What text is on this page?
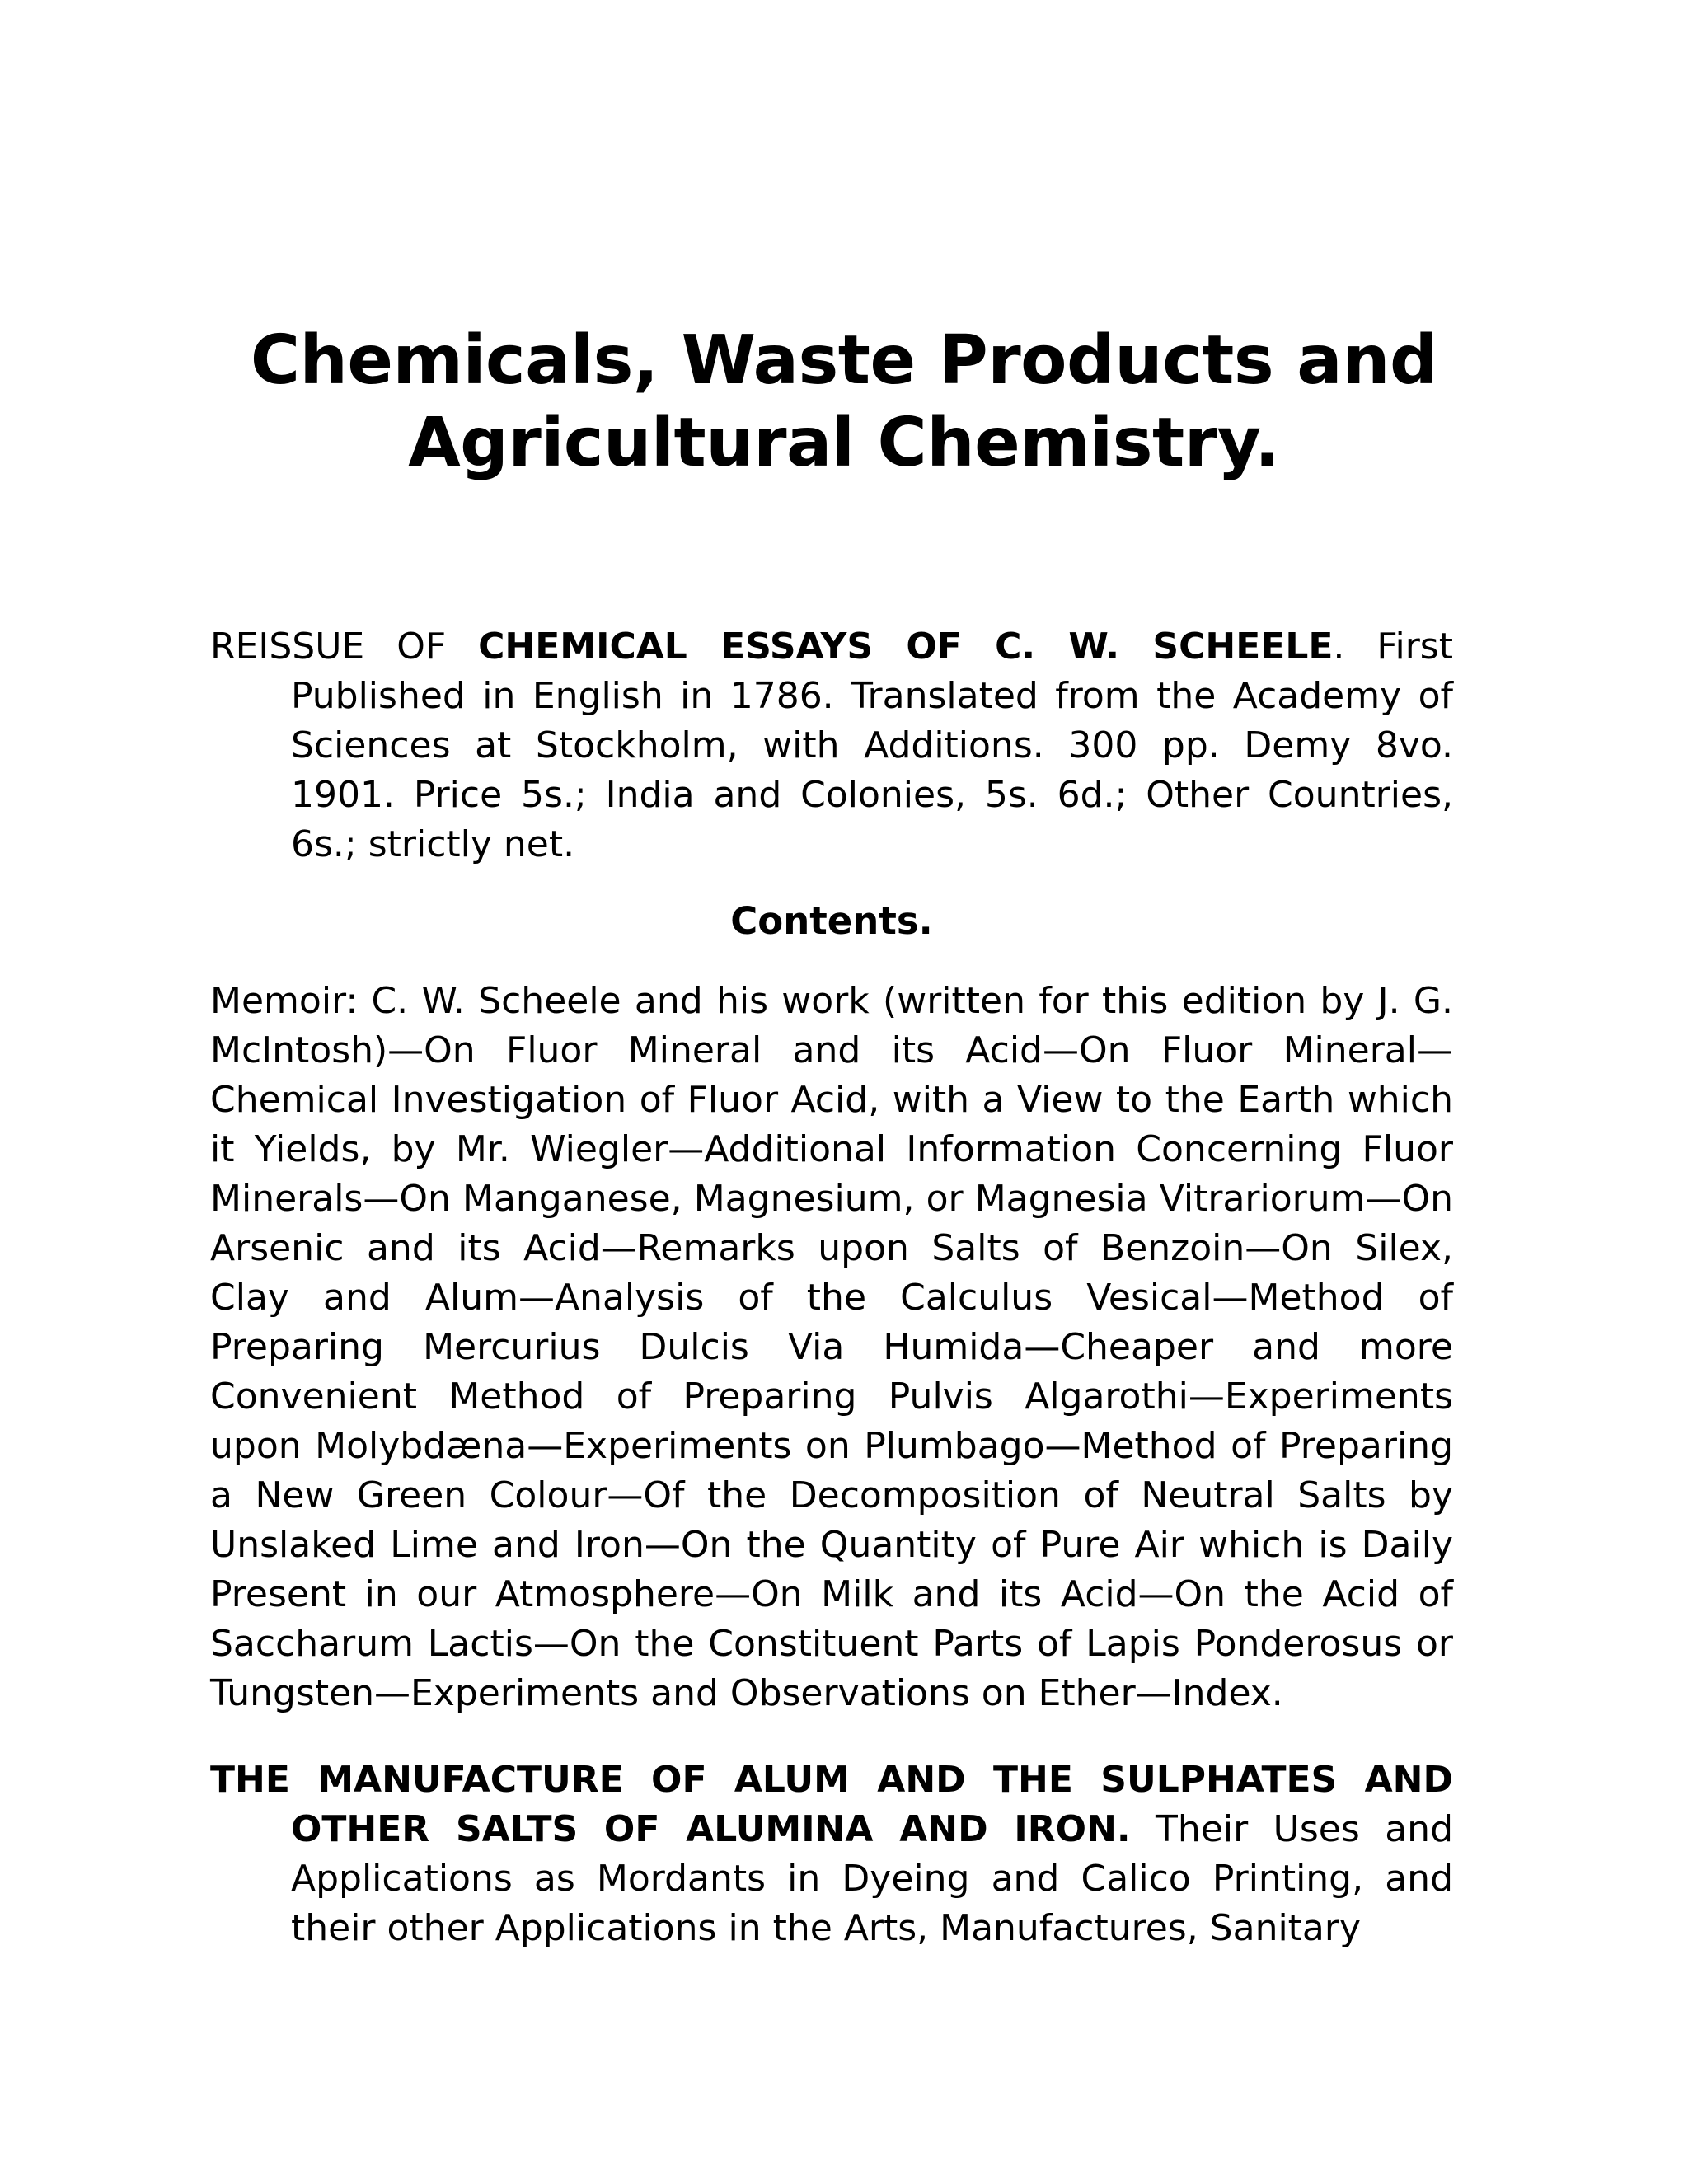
Chemicals, Waste Products and
Agricultural Chemistry.

REISSUE OF CHEMICAL ESSAYS OF C. W. SCHEELE. First Published in English in 1786. Translated from the Academy of Sciences at Stockholm, with Additions. 300 pp. Demy 8vo. 1901. Price 5s.; India and Colonies, 5s. 6d.; Other Countries, 6s.; strictly net.

Contents.

Memoir: C. W. Scheele and his work (written for this edition by J. G. McIntosh)—On Fluor Mineral and its Acid—On Fluor Mineral—Chemical Investigation of Fluor Acid, with a View to the Earth which it Yields, by Mr. Wiegler—Additional Information Concerning Fluor Minerals—On Manganese, Magnesium, or Magnesia Vitrariorum—On Arsenic and its Acid—Remarks upon Salts of Benzoin—On Silex, Clay and Alum—Analysis of the Calculus Vesical—Method of Preparing Mercurius Dulcis Via Humida—Cheaper and more Convenient Method of Preparing Pulvis Algarothi—Experiments upon Molybdæna—Experiments on Plumbago—Method of Preparing a New Green Colour—Of the Decomposition of Neutral Salts by Unslaked Lime and Iron—On the Quantity of Pure Air which is Daily Present in our Atmosphere—On Milk and its Acid—On the Acid of Saccharum Lactis—On the Constituent Parts of Lapis Ponderosus or Tungsten—Experiments and Observations on Ether—Index.

THE MANUFACTURE OF ALUM AND THE SULPHATES AND OTHER SALTS OF ALUMINA AND IRON. Their Uses and Applications as Mordants in Dyeing and Calico Printing, and their other Applications in the Arts, Manufactures, Sanitary
